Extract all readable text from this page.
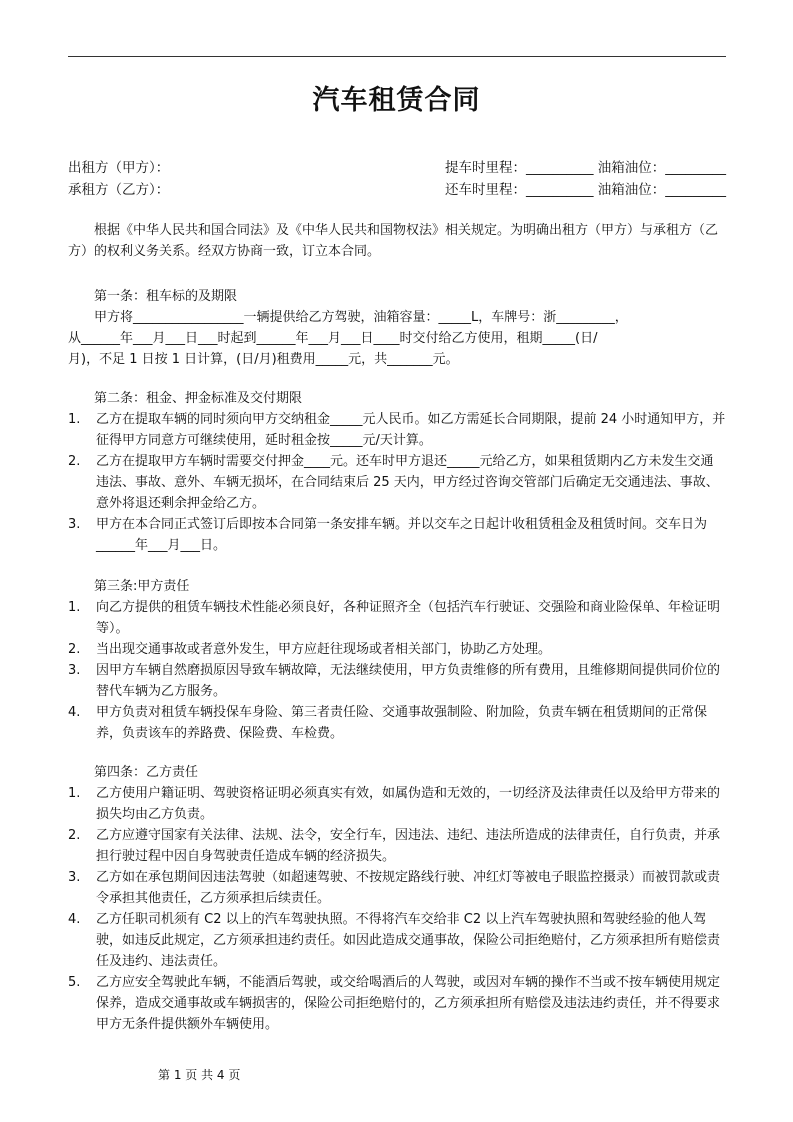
汽车租赁合同
出租方（甲方）：	提车时里程：__________ 油箱油位：_________
承租方（乙方）：	还车时里程：__________ 油箱油位：_________
根据《中华人民共和国合同法》及《中华人民共和国物权法》相关规定。为明确出租方（甲方）与承租方（乙方）的权利义务关系。经双方协商一致，订立本合同。
第一条：租车标的及期限
甲方将_________________一辆提供给乙方驾驶，油箱容量：_____L，车牌号：浙_________，
从______年___月___日___时起到______年___月___日____时交付给乙方使用，租期_____(日/
月)，不足 1 日按 1 日计算，(日/月)租费用_____元，共_______元。
第二条：租金、押金标准及交付期限
1.	乙方在提取车辆的同时须向甲方交纳租金_____元人民币。如乙方需延长合同期限，提前 24 小时通知甲方，并征得甲方同意方可继续使用，延时租金按_____元/天计算。
2.	乙方在提取甲方车辆时需要交付押金____元。还车时甲方退还_____元给乙方，如果租赁期内乙方未发生交通违法、事故、意外、车辆无损坏，在合同结束后 25 天内，甲方经过咨询交管部门后确定无交通违法、事故、意外将退还剩余押金给乙方。
3.	甲方在本合同正式签订后即按本合同第一条安排车辆。并以交车之日起计收租赁租金及租赁时间。交车日为______年___月___日。
第三条:甲方责任
1.	向乙方提供的租赁车辆技术性能必须良好，各种证照齐全（包括汽车行驶证、交强险和商业险保单、年检证明等）。
2.	当出现交通事故或者意外发生，甲方应赶往现场或者相关部门，协助乙方处理。
3.	因甲方车辆自然磨损原因导致车辆故障，无法继续使用，甲方负责维修的所有费用，且维修期间提供同价位的替代车辆为乙方服务。
4.	甲方负责对租赁车辆投保车身险、第三者责任险、交通事故强制险、附加险，负责车辆在租赁期间的正常保养，负责该车的养路费、保险费、车检费。
第四条：乙方责任
1.	乙方使用户籍证明、驾驶资格证明必须真实有效，如属伪造和无效的，一切经济及法律责任以及给甲方带来的损失均由乙方负责。
2.	乙方应遵守国家有关法律、法规、法令，安全行车，因违法、违纪、违法所造成的法律责任，自行负责，并承担行驶过程中因自身驾驶责任造成车辆的经济损失。
3.	乙方如在承包期间因违法驾驶（如超速驾驶、不按规定路线行驶、冲红灯等被电子眼监控摄录）而被罚款或责令承担其他责任，乙方须承担后续责任。
4.	乙方任职司机须有 C2 以上的汽车驾驶执照。不得将汽车交给非 C2 以上汽车驾驶执照和驾驶经验的他人驾驶，如违反此规定，乙方须承担违约责任。如因此造成交通事故，保险公司拒绝赔付，乙方须承担所有赔偿责任及违约、违法责任。
5.	乙方应安全驾驶此车辆，不能酒后驾驶，或交给喝酒后的人驾驶，或因对车辆的操作不当或不按车辆使用规定保养，造成交通事故或车辆损害的，保险公司拒绝赔付的，乙方须承担所有赔偿及违法违约责任，并不得要求甲方无条件提供额外车辆使用。
第 1 页 共 4 页
